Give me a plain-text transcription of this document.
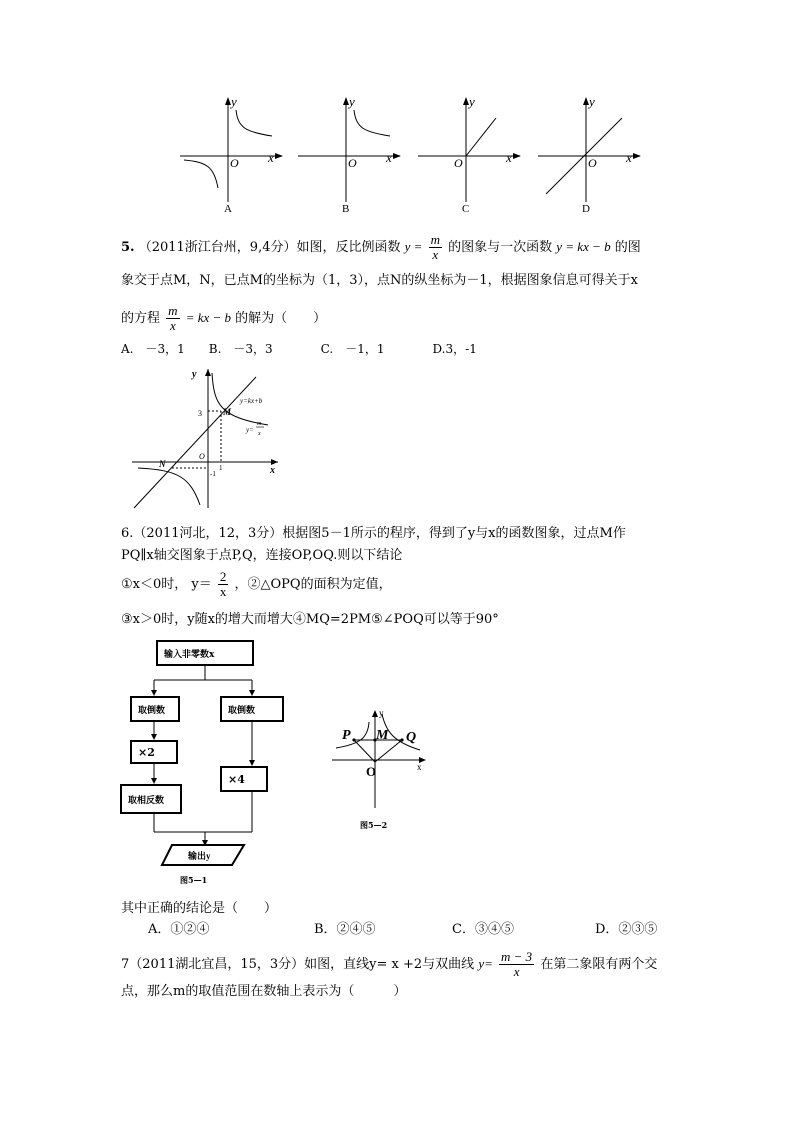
y
x
O
A
y
x
O
B
y
x
O
C
y
x
O
D
5. （2011浙江台州，9,4分）如图，反比例函数 $y = \frac{m}{x}$ 的图象与一次函数 y = kx − b 的图
象交于点M，N，已点M的坐标为（1，3），点N的纵坐标为－1，根据图象信息可得关于x
的方程 $\frac{m}{x}$ = kx − b 的解为（　　）
A.　－3，1　　B.　－3，3　　　　C.　－1，1　　　　D.3，-1
y
x
3 M
N
O
1
-1
y=kx+b
y=
m
x
6.（2011河北，12，3分）根据图5－1所示的程序，得到了y与x的函数图象，过点M作
PQ∥x轴交图象于点P,Q，连接OP,OQ.则以下结论
①x＜0时， $y= \frac{2}{x}$ ，②△OPQ的面积为定值，
③x＞0时，y随x的增大而增大④MQ=2PM⑤∠POQ可以等于90°
输入非零数x
取倒数	取倒数
×2
×4
取相反数
输出y
图5—1
P M Q
O
y
x
图5—2
其中正确的结论是（　　）
A．①②④	B．②④⑤	C．③④⑤	D．②③⑤
7（2011湖北宜昌，15，3分）如图，直线y= x +2与双曲线 $y= \frac{m - 3}{x}$ 在第二象限有两个交
点，那么m的取值范围在数轴上表示为（　　　）
